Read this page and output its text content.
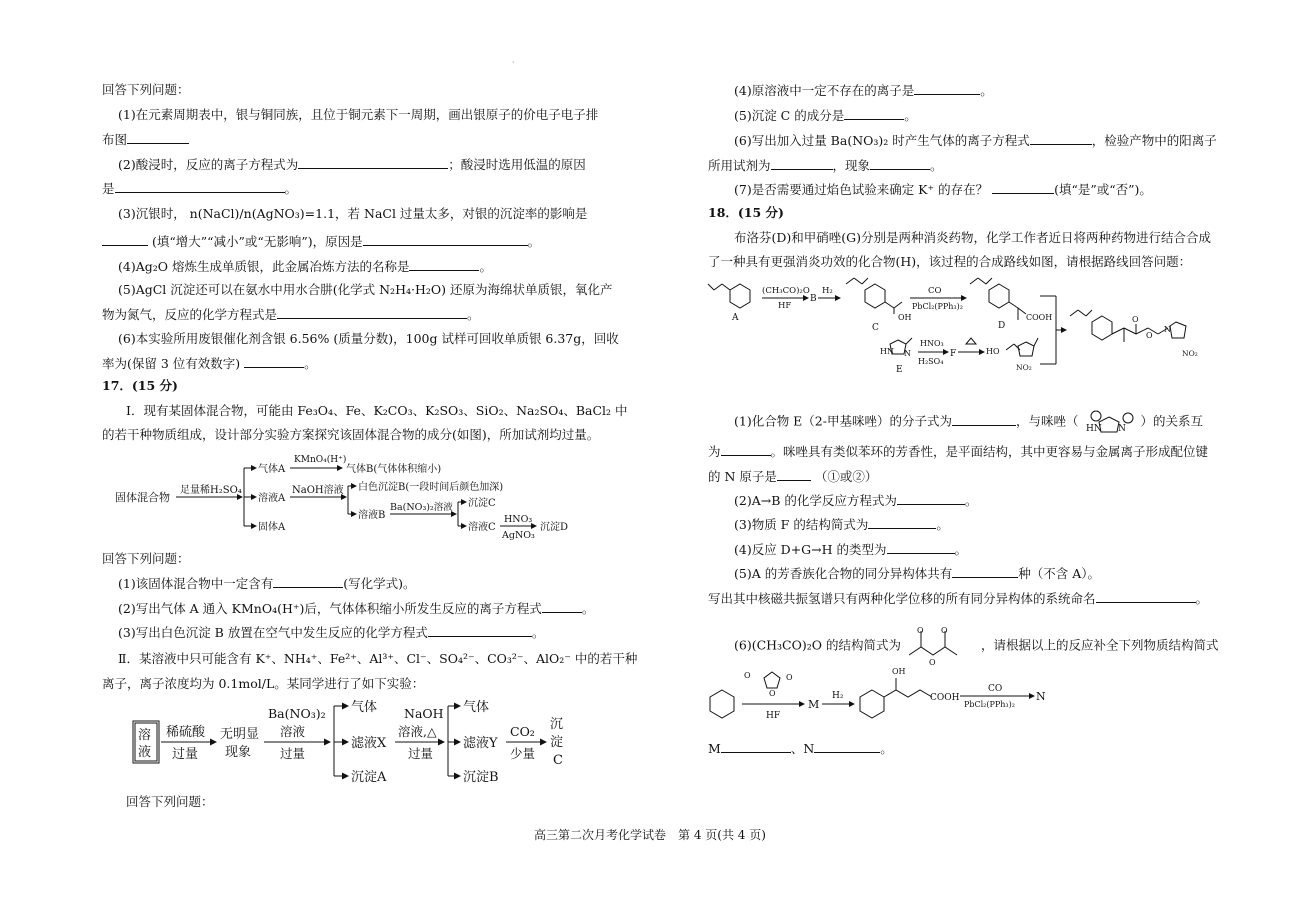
·
回答下列问题：
(1)在元素周期表中，银与铜同族，且位于铜元素下一周期，画出银原子的价电子电子排
布图
(2)酸浸时，反应的离子方程式为	；酸浸时选用低温的原因
是	。
(3)沉银时， n(NaCl)/n(AgNO₃)=1.1，若 NaCl 过量太多，对银的沉淀率的影响是
(填“增大”“减小”或“无影响”)，原因是	。
(4)Ag₂O 熔炼生成单质银，此金属冶炼方法的名称是	。
(5)AgCl 沉淀还可以在氨水中用水合肼(化学式 N₂H₄·H₂O) 还原为海绵状单质银，氧化产
物为氮气，反应的化学方程式是	。
(6)本实验所用废银催化剂含银 6.56% (质量分数)，100g 试样可回收单质银 6.37g，回收
率为(保留 3 位有效数字)	。
17．(15 分)
Ⅰ．现有某固体混合物，可能由 Fe₃O₄、Fe、K₂CO₃、K₂SO₃、SiO₂、Na₂SO₄、BaCl₂ 中
的若干种物质组成，设计部分实验方案探究该固体混合物的成分(如图)，所加试剂均过量。
固体混合物
足量稀H₂SO₄
气体A
KMnO₄(H⁺)
气体B(气体体积缩小)
溶液A
NaOH溶液 白色沉淀B(一段时间后颜色加深)
溶液B
Ba(NO₃)₂溶液 沉淀C
溶液C
HNO₃
AgNO₃
沉淀D
固体A
回答下列问题：
(1)该固体混合物中一定含有	(写化学式)。
(2)写出气体 A 通入 KMnO₄(H⁺)后，气体体积缩小所发生反应的离子方程式	。
(3)写出白色沉淀 B 放置在空气中发生反应的化学方程式	。
Ⅱ．某溶液中只可能含有 K⁺、NH₄⁺、Fe²⁺、Al³⁺、Cl⁻、SO₄²⁻、CO₃²⁻、AlO₂⁻ 中的若干种
离子，离子浓度均为 0.1mol/L。某同学进行了如下实验：
溶
液
稀硫酸
过量
无明显
现象
Ba(NO₃)₂
溶液
过量
气体
滤液X
沉淀A
NaOH
溶液,△
过量
气体
滤液Y
沉淀B
CO₂
少量
沉
淀
C
回答下列问题：
(4)原溶液中一定不存在的离子是	。
(5)沉淀 C 的成分是	。
(6)写出加入过量 Ba(NO₃)₂ 时产生气体的离子方程式	，检验产物中的阳离子
所用试剂为	，现象	。
(7)是否需要通过焰色试验来确定 K⁺ 的存在？	(填“是”或“否”)。
18．(15 分)
布洛芬(D)和甲硝唑(G)分别是两种消炎药物，化学工作者近日将两种药物进行结合合成
了一种具有更强消炎功效的化合物(H)，该过程的合成路线如图，请根据路线回答问题：
A
(CH₃CO)₂O
HF
B
H₂
OH
C
CO
PbCl₂(PPh₃)₂
COOH
D
O
O
N
NO₂
HN N
E
HNO₃
H₂SO₄
F	HO
NO₂
(1)化合物 E（2-甲基咪唑）的分子式为	，与咪唑（
HN N
）的关系互
为	。咪唑具有类似苯环的芳香性，是平面结构，其中更容易与金属离子形成配位键
的 N 原子是	（①或②）
(2)A→B 的化学反应方程式为	。
(3)物质 F 的结构简式为	。
(4)反应 D+G→H 的类型为	。
(5)A 的芳香族化合物的同分异构体共有	种（不含 A）。
写出其中核磁共振氢谱只有两种化学位移的所有同分异构体的系统命名	。
(6)(CH₃CO)₂O 的结构简式为
O O
O
，请根据以上的反应补全下列物质结构简式
O	O
O
HF
M
H₂
OH
COOH
CO
PbCl₂(PPh₃)₂
N
M	、N	。
高三第二次月考化学试卷　第 4 页(共 4 页)
